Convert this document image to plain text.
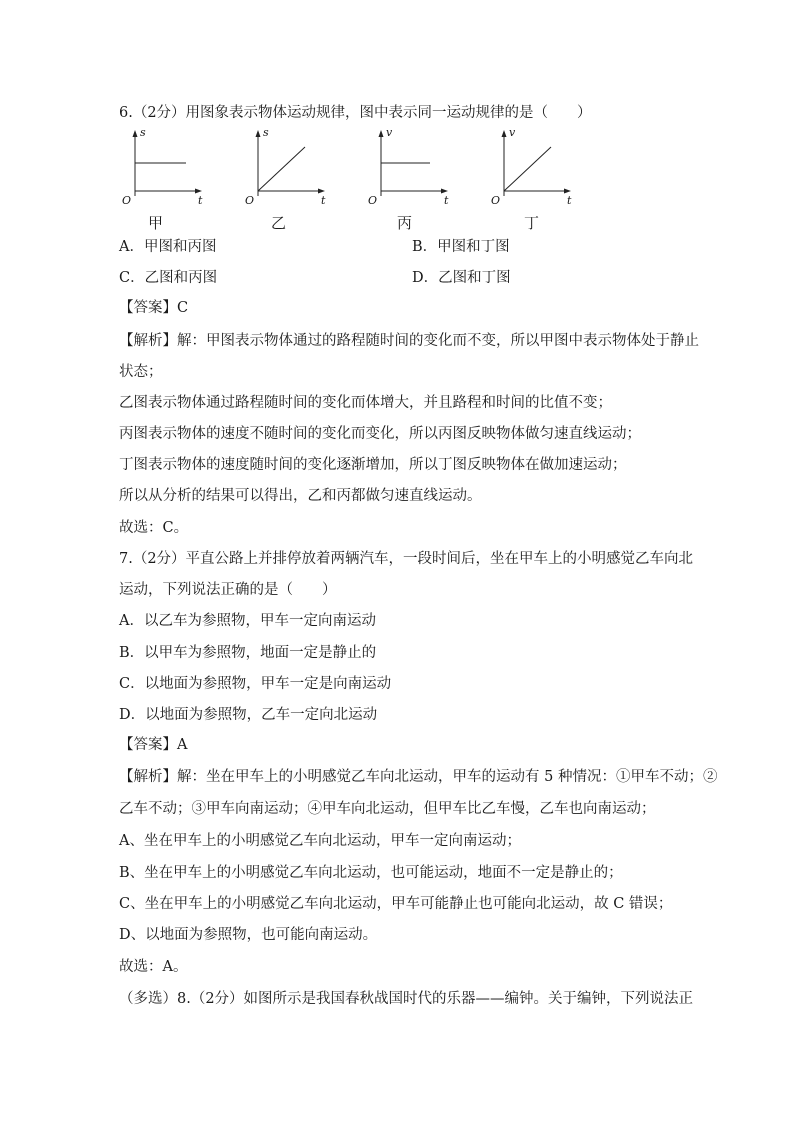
6.（2分）用图象表示物体运动规律，图中表示同一运动规律的是（　　）
s
O	t
甲
s
O	t
乙
v
O	t
丙
v
O	t
丁
A．甲图和丙图	B．甲图和丁图
C．乙图和丙图	D．乙图和丁图
【答案】C
【解析】解：甲图表示物体通过的路程随时间的变化而不变，所以甲图中表示物体处于静止
状态；
乙图表示物体通过路程随时间的变化而体增大，并且路程和时间的比值不变；
丙图表示物体的速度不随时间的变化而变化，所以丙图反映物体做匀速直线运动；
丁图表示物体的速度随时间的变化逐渐增加，所以丁图反映物体在做加速运动；
所以从分析的结果可以得出，乙和丙都做匀速直线运动。
故选：C。
7.（2分）平直公路上并排停放着两辆汽车，一段时间后，坐在甲车上的小明感觉乙车向北
运动，下列说法正确的是（　　）
A．以乙车为参照物，甲车一定向南运动
B．以甲车为参照物，地面一定是静止的
C．以地面为参照物，甲车一定是向南运动
D．以地面为参照物，乙车一定向北运动
【答案】A
【解析】解：坐在甲车上的小明感觉乙车向北运动，甲车的运动有 5 种情况：①甲车不动；②
乙车不动；③甲车向南运动；④甲车向北运动，但甲车比乙车慢，乙车也向南运动；
A、坐在甲车上的小明感觉乙车向北运动，甲车一定向南运动；
B、坐在甲车上的小明感觉乙车向北运动，也可能运动，地面不一定是静止的；
C、坐在甲车上的小明感觉乙车向北运动，甲车可能静止也可能向北运动，故 C 错误；
D、以地面为参照物，也可能向南运动。
故选：A。
（多选）8.（2分）如图所示是我国春秋战国时代的乐器——编钟。关于编钟，下列说法正
